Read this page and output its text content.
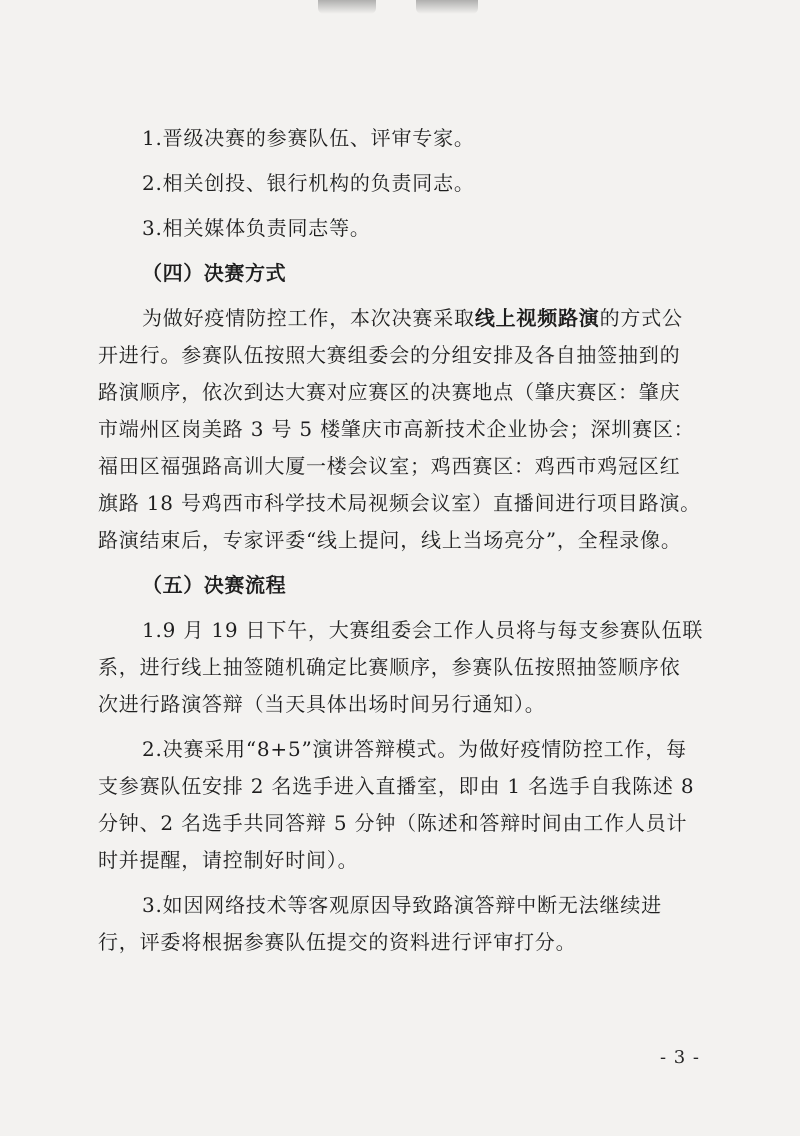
1.晋级决赛的参赛队伍、评审专家。

2.相关创投、银行机构的负责同志。

3.相关媒体负责同志等。

（四）决赛方式

为做好疫情防控工作，本次决赛采取线上视频路演的方式公

开进行。参赛队伍按照大赛组委会的分组安排及各自抽签抽到的

路演顺序，依次到达大赛对应赛区的决赛地点（肇庆赛区：肇庆

市端州区岗美路 3 号 5 楼肇庆市高新技术企业协会；深圳赛区：

福田区福强路高训大厦一楼会议室；鸡西赛区：鸡西市鸡冠区红

旗路 18 号鸡西市科学技术局视频会议室）直播间进行项目路演。

路演结束后，专家评委“线上提问，线上当场亮分”，全程录像。

（五）决赛流程

1.9 月 19 日下午，大赛组委会工作人员将与每支参赛队伍联

系，进行线上抽签随机确定比赛顺序，参赛队伍按照抽签顺序依

次进行路演答辩（当天具体出场时间另行通知）。

2.决赛采用“8+5”演讲答辩模式。为做好疫情防控工作，每

支参赛队伍安排 2 名选手进入直播室，即由 1 名选手自我陈述 8

分钟、2 名选手共同答辩 5 分钟（陈述和答辩时间由工作人员计

时并提醒，请控制好时间）。

3.如因网络技术等客观原因导致路演答辩中断无法继续进

行，评委将根据参赛队伍提交的资料进行评审打分。

- 3 -
